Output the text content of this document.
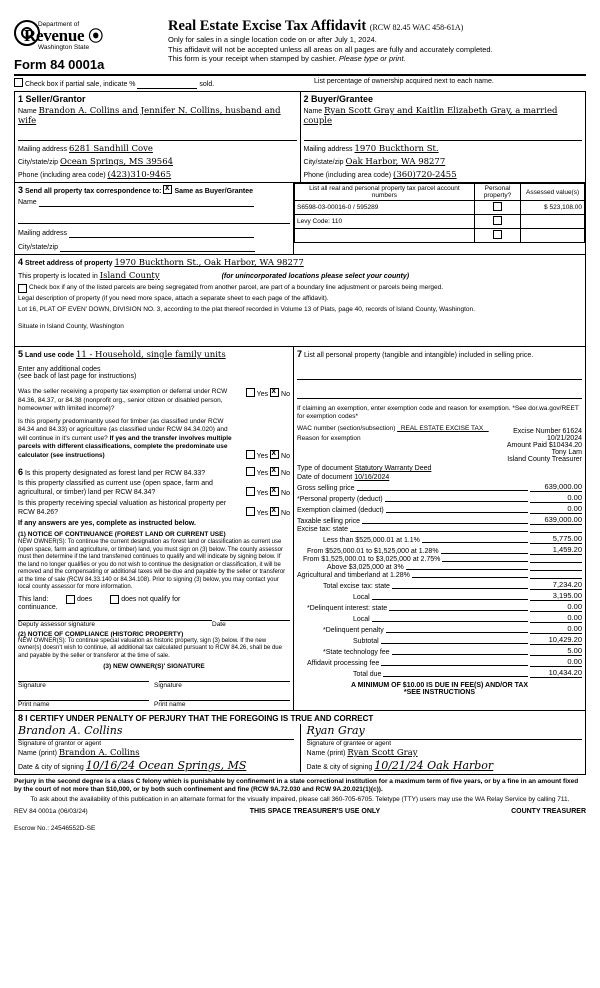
Department of
Revenue ⦿
Washington State
Form 84 0001a
Real Estate Excise Tax Affidavit (RCW 82.45 WAC 458-61A)
Only for sales in a single location code on or after July 1, 2024.
This affidavit will not be accepted unless all areas on all pages are fully and accurately completed.
This form is your receipt when stamped by cashier. Please type or print.
Check box if partial sale, indicate %	sold.	List percentage of ownership acquired next to each name.
1 Seller/Grantor
Name Brandon A. Collins and Jennifer N. Collins, husband and wife
Mailing address 6281 Sandhill Cove
City/state/zip Ocean Springs, MS 39564
Phone (including area code) (423)310-9465
2 Buyer/Grantee
Name Ryan Scott Gray and Kaitlin Elizabeth Gray, a married couple
Mailing address 1970 Buckthorn St.
City/state/zip Oak Harbor, WA 98277
Phone (including area code) (360)720-2455
3 Send all property tax correspondence to: x Same as Buyer/Grantee
Name
Mailing address
City/state/zip
List all real and personal property tax parcel account numbers	Personal property?	Assessed value(s)
S6598-03-00016-0 / 595289		$ 523,108.00
Levy Code: 110		

4 Street address of property 1970 Buckthorn St., Oak Harbor, WA 98277
This property is located in Island County	(for unincorporated locations please select your county)
Check box if any of the listed parcels are being segregated from another parcel, are part of a boundary line adjustment or parcels being merged.
Legal description of property (if you need more space, attach a separate sheet to each page of the affidavit).
Lot 16, PLAT OF EVEN' DOWN, DIVISION NO. 3, according to the plat thereof recorded in Volume 13 of Plats, page 40, records of Island County, Washington.
Situate in Island County, Washington
5 Land use code 11 - Household, single family units
Enter any additional codes
(see back of last page for instructions)
Was the seller receiving a property tax exemption or deferral under RCW 84.36, 84.37, or 84.38 (nonprofit org., senior citizen or disabled person, homeowner with limited income)?
Yes x No
Is this property predominantly used for timber (as classified under RCW 84.34 and 84.33) or agriculture (as classified under RCW 84.34.020) and will continue in it's current use? If yes and the transfer involves multiple parcels with different classifications, complete the predominate use calculator (see instructions)	Yes x No
6 Is this property designated as forest land per RCW 84.33?	Yes x No
Is this property classified as current use (open space, farm and agricultural, or timber) land per RCW 84.34?	Yes x No
Is this property receiving special valuation as historical property per RCW 84.26?	Yes x No
If any answers are yes, complete as instructed below.
(1) NOTICE OF CONTINUANCE (FOREST LAND OR CURRENT USE)
NEW OWNER(S): To continue the current designation as forest land or classification as current use (open space, farm and agriculture, or timber) land, you must sign on (3) below. The county assessor must then determine if the land transferred continues to qualify and will indicate by signing below. If the land no longer qualifies or you do not wish to continue the designation or classification, it will be removed and the compensating or additional taxes will be due and payable by the seller or transferor at the time of sale (RCW 84.33.140 or 84.34.108). Prior to signing (3) below, you may contact your local county assessor for more information.
This land:	does	does not qualify for
continuance.
Deputy assessor signature	Date
(2) NOTICE OF COMPLIANCE (HISTORIC PROPERTY)
NEW OWNER(S): To continue special valuation as historic property, sign (3) below. If the new owner(s) doesn't wish to continue, all additional tax calculated pursuant to RCW 84.26, shall be due and payable by the seller or transferor at the time of sale.
(3) NEW OWNER(S)' SIGNATURE
Signature	Signature
Print name	Print name
7 List all personal property (tangible and intangible) included in selling price.
If claiming an exemption, enter exemption code and reason for exemption. *See dor.wa.gov/REET for exemption codes*
WAC number (section/subsection) _REAL ESTATE EXCISE TAX _
Reason for exemption
Excise Number 61624
10/21/2024
Amount Paid $10434.20
Tony Lam
Island County Treasurer
Type of document Statutory Warranty Deed
Date of document 10/16/2024
Gross selling price	639,000.00
*Personal property (deduct)	0.00
Exemption claimed (deduct)	0.00
Taxable selling price	639,000.00
Excise tax: state
Less than $525,000.01 at 1.1%	5,775.00
From $525,000.01 to $1,525,000 at 1.28%	1,459.20
From $1,525,000.01 to $3,025,000 at 2.75%
Above $3,025,000 at 3%
Agricultural and timberland at 1.28%
Total excise tax: state	7,234.20
Local	3,195.00
*Delinquent interest: state	0.00
Local	0.00
*Delinquent penalty	0.00
Subtotal	10,429.20
*State technology fee	5.00
Affidavit processing fee	0.00
Total due	10,434.20
A MINIMUM OF $10.00 IS DUE IN FEE(S) AND/OR TAX
*SEE INSTRUCTIONS
8 I CERTIFY UNDER PENALTY OF PERJURY THAT THE FOREGOING IS TRUE AND CORRECT
Brandon A. Collins
Signature of grantor or agent
Name (print) Brandon A. Collins
Date & city of signing 10/16/24 Ocean Springs, MS
Ryan Gray
Signature of grantee or agent
Name (print) Ryan Scott Gray
Date & city of signing 10/21/24 Oak Harbor
Perjury in the second degree is a class C felony which is punishable by confinement in a state correctional institution for a maximum term of five years, or by a fine in an amount fixed by the court of not more than $10,000, or by both such confinement and fine (RCW 9A.72.030 and RCW 9A.20.021(1)(c)).
To ask about the availability of this publication in an alternate format for the visually impaired, please call 360-705-6705. Teletype (TTY) users may use the WA Relay Service by calling 711.
REV 84 0001a (06/03/24)	THIS SPACE TREASURER'S USE ONLY	COUNTY TREASURER
Escrow No.: 24546552D-SE
